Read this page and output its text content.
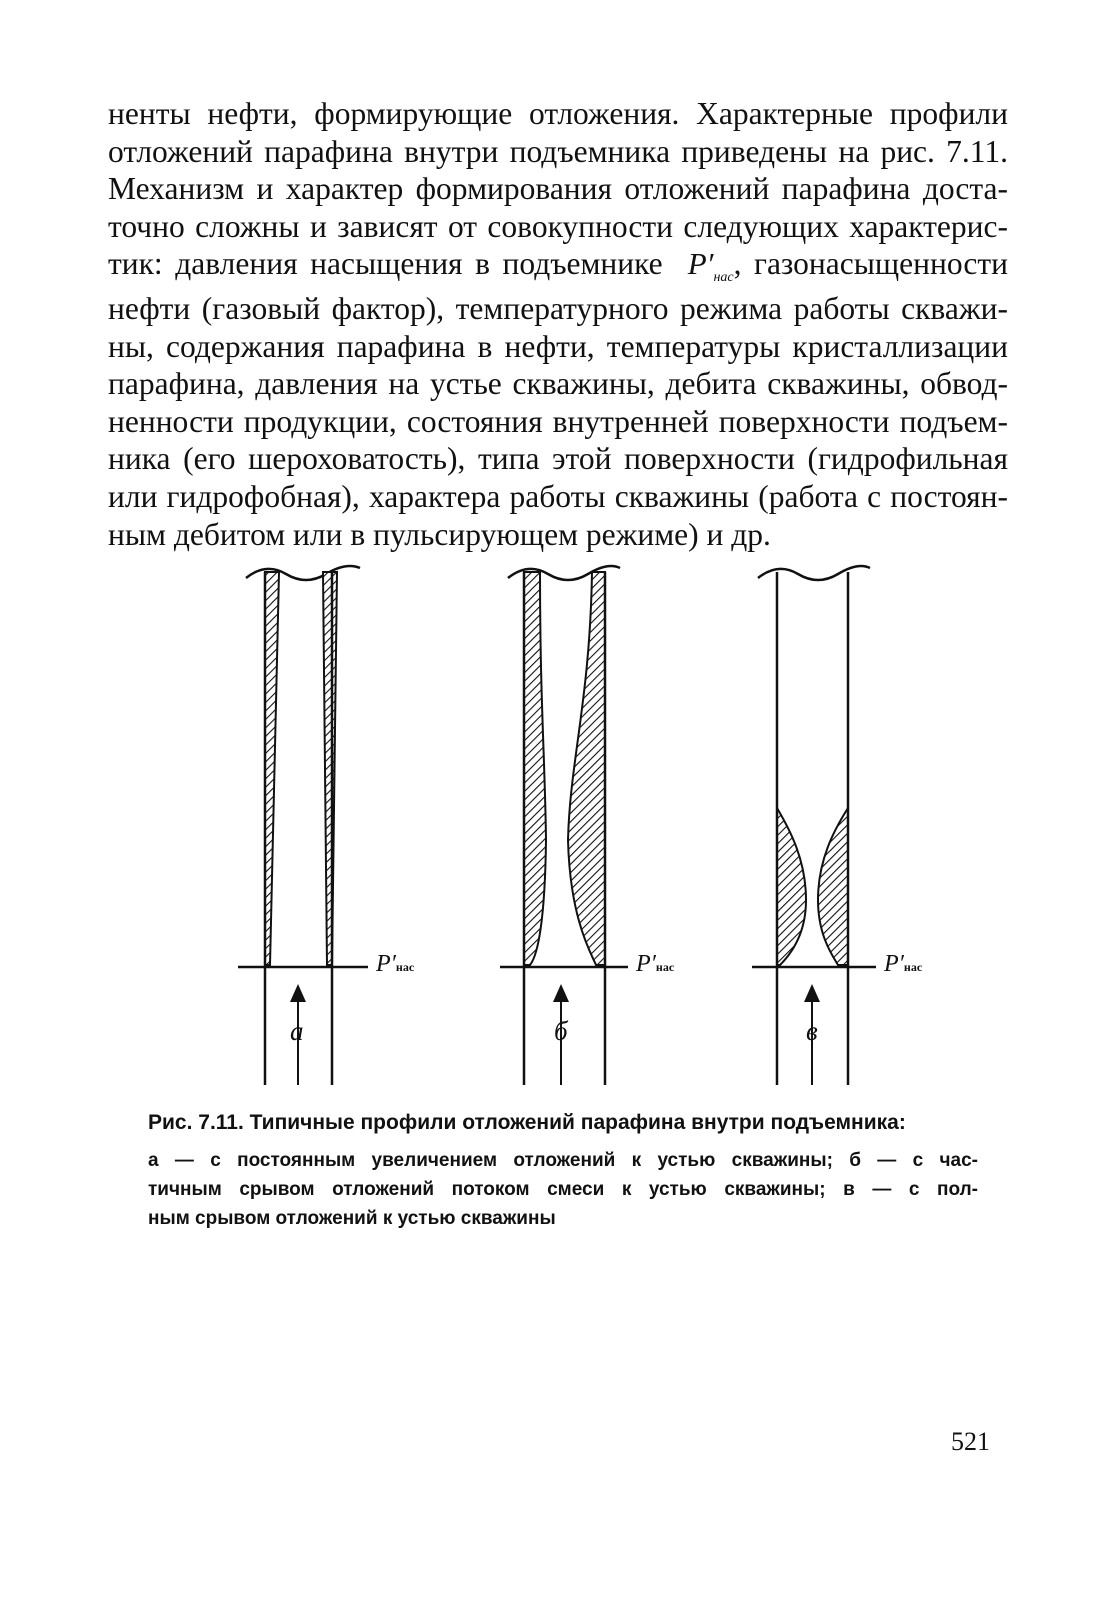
ненты нефти, формирующие отложения. Характерные профили
отложений парафина внутри подъемника приведены на рис. 7.11.
Механизм и характер формирования отложений парафина доста-
точно сложны и зависят от совокупности следующих характерис-
тик: давления насыщения в подъемнике $P'_{нас}$, газонасыщенности
нефти (газовый фактор), температурного режима работы скважи-
ны, содержания парафина в нефти, температуры кристаллизации
парафина, давления на устье скважины, дебита скважины, обвод-
ненности продукции, состояния внутренней поверхности подъем-
ника (его шероховатость), типа этой поверхности (гидрофильная
или гидрофобная), характера работы скважины (работа с постоян-
ным дебитом или в пульсирующем режиме) и др.
P′нас	P′нас	P′нас
а	б	в
Рис. 7.11. Типичные профили отложений парафина внутри подъемника:
а — с постоянным увеличением отложений к устью скважины; б — с час-
тичным срывом отложений потоком смеси к устью скважины; в — с пол-
ным срывом отложений к устью скважины
521
